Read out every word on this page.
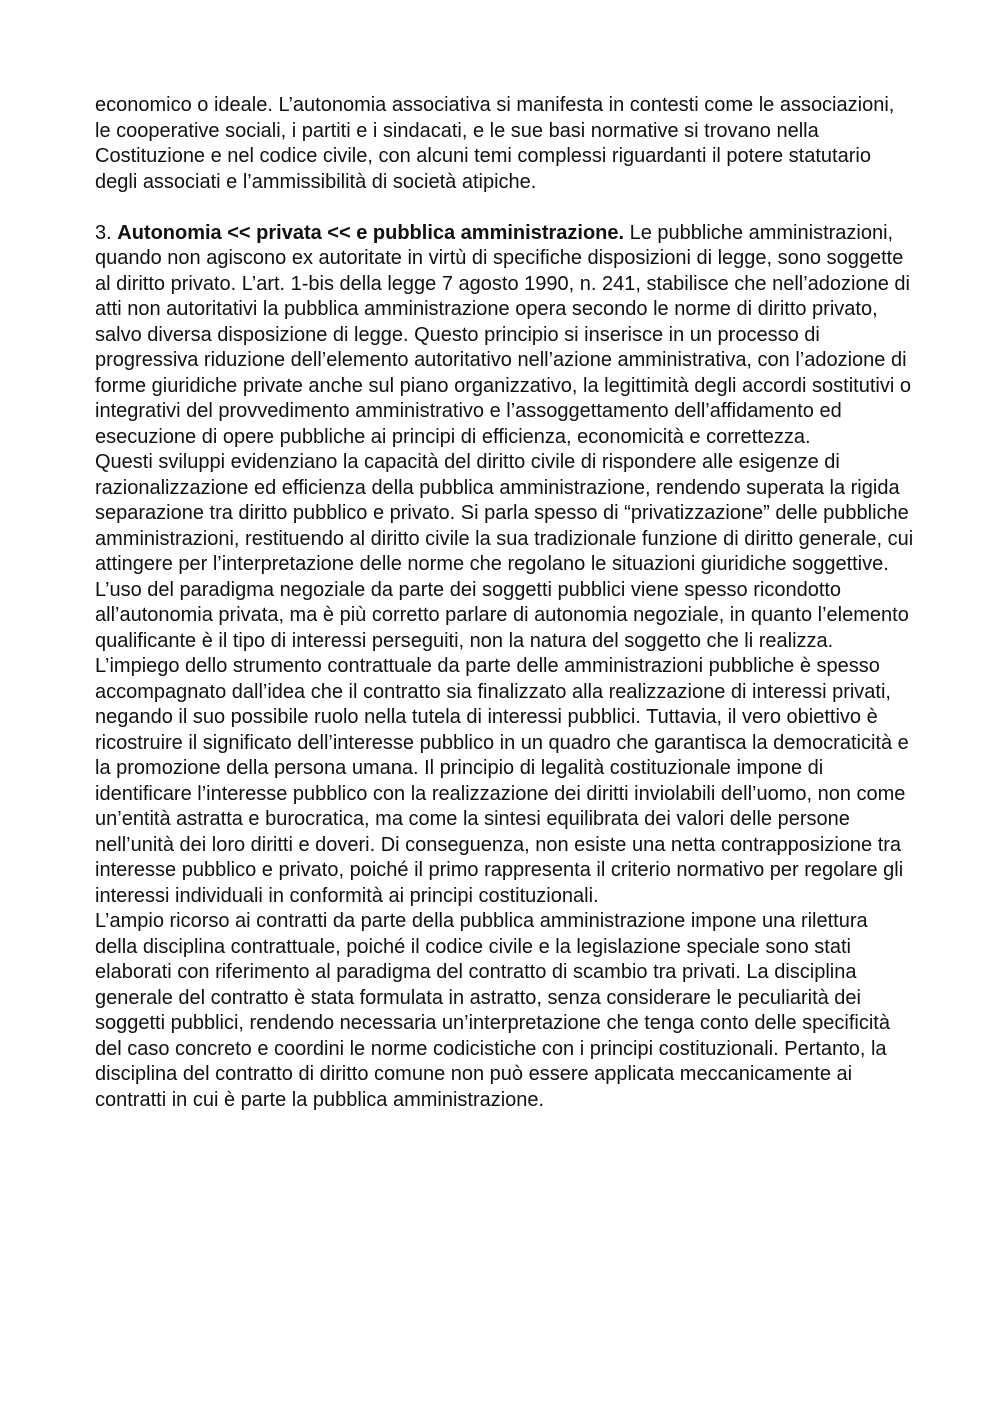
economico o ideale. L’autonomia associativa si manifesta in contesti come le associazioni, le cooperative sociali, i partiti e i sindacati, e le sue basi normative si trovano nella Costituzione e nel codice civile, con alcuni temi complessi riguardanti il potere statutario degli associati e l’ammissibilità di società atipiche.

3. Autonomia << privata << e pubblica amministrazione. Le pubbliche amministrazioni, quando non agiscono ex autoritate in virtù di specifiche disposizioni di legge, sono soggette al diritto privato. L’art. 1-bis della legge 7 agosto 1990, n. 241, stabilisce che nell’adozione di atti non autoritativi la pubblica amministrazione opera secondo le norme di diritto privato, salvo diversa disposizione di legge. Questo principio si inserisce in un processo di progressiva riduzione dell’elemento autoritativo nell’azione amministrativa, con l’adozione di forme giuridiche private anche sul piano organizzativo, la legittimità degli accordi sostitutivi o integrativi del provvedimento amministrativo e l’assoggettamento dell’affidamento ed esecuzione di opere pubbliche ai principi di efficienza, economicità e correttezza.

Questi sviluppi evidenziano la capacità del diritto civile di rispondere alle esigenze di razionalizzazione ed efficienza della pubblica amministrazione, rendendo superata la rigida separazione tra diritto pubblico e privato. Si parla spesso di “privatizzazione” delle pubbliche amministrazioni, restituendo al diritto civile la sua tradizionale funzione di diritto generale, cui attingere per l’interpretazione delle norme che regolano le situazioni giuridiche soggettive. L’uso del paradigma negoziale da parte dei soggetti pubblici viene spesso ricondotto all’autonomia privata, ma è più corretto parlare di autonomia negoziale, in quanto l’elemento qualificante è il tipo di interessi perseguiti, non la natura del soggetto che li realizza.

L’impiego dello strumento contrattuale da parte delle amministrazioni pubbliche è spesso accompagnato dall’idea che il contratto sia finalizzato alla realizzazione di interessi privati, negando il suo possibile ruolo nella tutela di interessi pubblici. Tuttavia, il vero obiettivo è ricostruire il significato dell’interesse pubblico in un quadro che garantisca la democraticità e la promozione della persona umana. Il principio di legalità costituzionale impone di identificare l’interesse pubblico con la realizzazione dei diritti inviolabili dell’uomo, non come un’entità astratta e burocratica, ma come la sintesi equilibrata dei valori delle persone nell’unità dei loro diritti e doveri. Di conseguenza, non esiste una netta contrapposizione tra interesse pubblico e privato, poiché il primo rappresenta il criterio normativo per regolare gli interessi individuali in conformità ai principi costituzionali.

L’ampio ricorso ai contratti da parte della pubblica amministrazione impone una rilettura della disciplina contrattuale, poiché il codice civile e la legislazione speciale sono stati elaborati con riferimento al paradigma del contratto di scambio tra privati. La disciplina generale del contratto è stata formulata in astratto, senza considerare le peculiarità dei soggetti pubblici, rendendo necessaria un’interpretazione che tenga conto delle specificità del caso concreto e coordini le norme codicistiche con i principi costituzionali. Pertanto, la disciplina del contratto di diritto comune non può essere applicata meccanicamente ai contratti in cui è parte la pubblica amministrazione.
